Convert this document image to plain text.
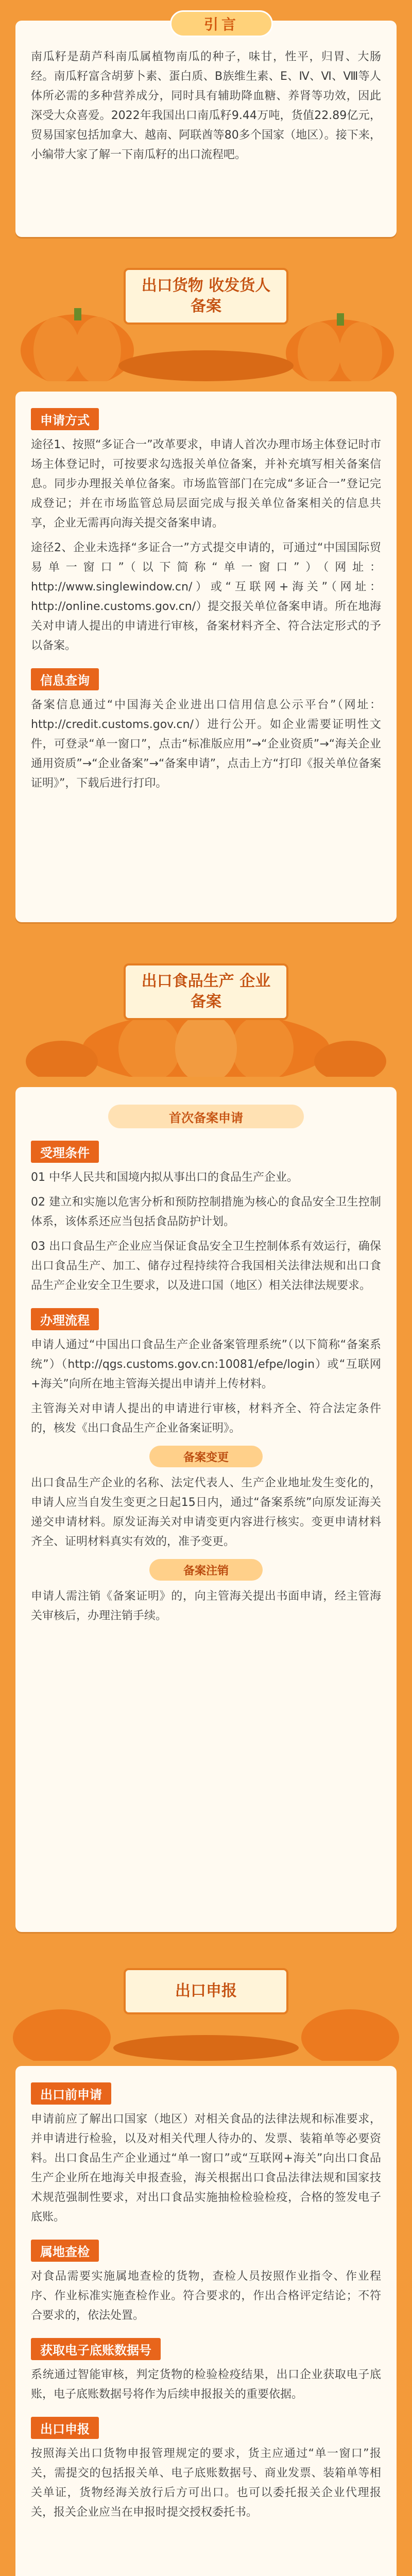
引言

南瓜籽是葫芦科南瓜属植物南瓜的种子，味甘，性平，归胃、大肠经。南瓜籽富含胡萝卜素、蛋白质、B族维生素、E、Ⅳ、Ⅵ、Ⅷ等人体所必需的多种营养成分，同时具有辅助降血糖、养肾等功效，因此深受大众喜爱。2022年我国出口南瓜籽9.44万吨，货值22.89亿元，贸易国家包括加拿大、越南、阿联酋等80多个国家（地区）。接下来，小编带大家了解一下南瓜籽的出口流程吧。

出口货物 收发货人备案
申请方式

途径1、按照“多证合一”改革要求，申请人首次办理市场主体登记时市场主体登记时，可按要求勾选报关单位备案，并补充填写相关备案信息。同步办理报关单位备案。市场监管部门在完成“多证合一”登记完成登记；并在市场监管总局层面完成与报关单位备案相关的信息共享，企业无需再向海关提交备案申请。

途径2、企业未选择“多证合一”方式提交申请的，可通过“中国国际贸易单一窗口”（以下简称“单一窗口”）（网址：http://www.singlewindow.cn/）或“互联网+海关”（网址：http://online.customs.gov.cn/）提交报关单位备案申请。所在地海关对申请人提出的申请进行审核，备案材料齐全、符合法定形式的予以备案。

信息查询

备案信息通过“中国海关企业进出口信用信息公示平台”（网址：http://credit.customs.gov.cn/）进行公开。如企业需要证明性文件，可登录“单一窗口”，点击“标准版应用”→“企业资质”→“海关企业通用资质”→“企业备案”→“备案申请”，点击上方“打印《报关单位备案证明》”，下载后进行打印。

出口食品生产 企业备案
首次备案申请
受理条件

01 中华人民共和国境内拟从事出口的食品生产企业。

02 建立和实施以危害分析和预防控制措施为核心的食品安全卫生控制体系，该体系还应当包括食品防护计划。

03 出口食品生产企业应当保证食品安全卫生控制体系有效运行，确保出口食品生产、加工、储存过程持续符合我国相关法律法规和出口食品生产企业安全卫生要求，以及进口国（地区）相关法律法规要求。

办理流程

申请人通过“中国出口食品生产企业备案管理系统”（以下简称“备案系统”）（http://qgs.customs.gov.cn:10081/efpe/login）或“互联网+海关”向所在地主管海关提出申请并上传材料。

主管海关对申请人提出的申请进行审核，材料齐全、符合法定条件的，核发《出口食品生产企业备案证明》。

备案变更

出口食品生产企业的名称、法定代表人、生产企业地址发生变化的，申请人应当自发生变更之日起15日内，通过“备案系统”向原发证海关递交申请材料。原发证海关对申请变更内容进行核实。变更申请材料齐全、证明材料真实有效的，准予变更。

备案注销

申请人需注销《备案证明》的，向主管海关提出书面申请，经主管海关审核后，办理注销手续。

出口申报
出口前申请

申请前应了解出口国家（地区）对相关食品的法律法规和标准要求，并申请进行检验，以及对相关代理人待办的、发票、装箱单等必要资料。出口食品生产企业通过“单一窗口”或“互联网+海关”向出口食品生产企业所在地海关申报查验，海关根据出口食品法律法规和国家技术规范强制性要求，对出口食品实施抽检检验检疫，合格的签发电子底账。

属地查检

对食品需要实施属地查检的货物，查检人员按照作业指令、作业程序、作业标准实施查检作业。符合要求的，作出合格评定结论；不符合要求的，依法处置。

获取电子底账数据号

系统通过智能审核，判定货物的检验检疫结果，出口企业获取电子底账，电子底账数据号将作为后续申报报关的重要依据。

出口申报

按照海关出口货物申报管理规定的要求，货主应通过“单一窗口”报关，需提交的包括报关单、电子底账数据号、商业发票、装箱单等相关单证，货物经海关放行后方可出口。也可以委托报关企业代理报关，报关企业应当在申报时提交授权委托书。
